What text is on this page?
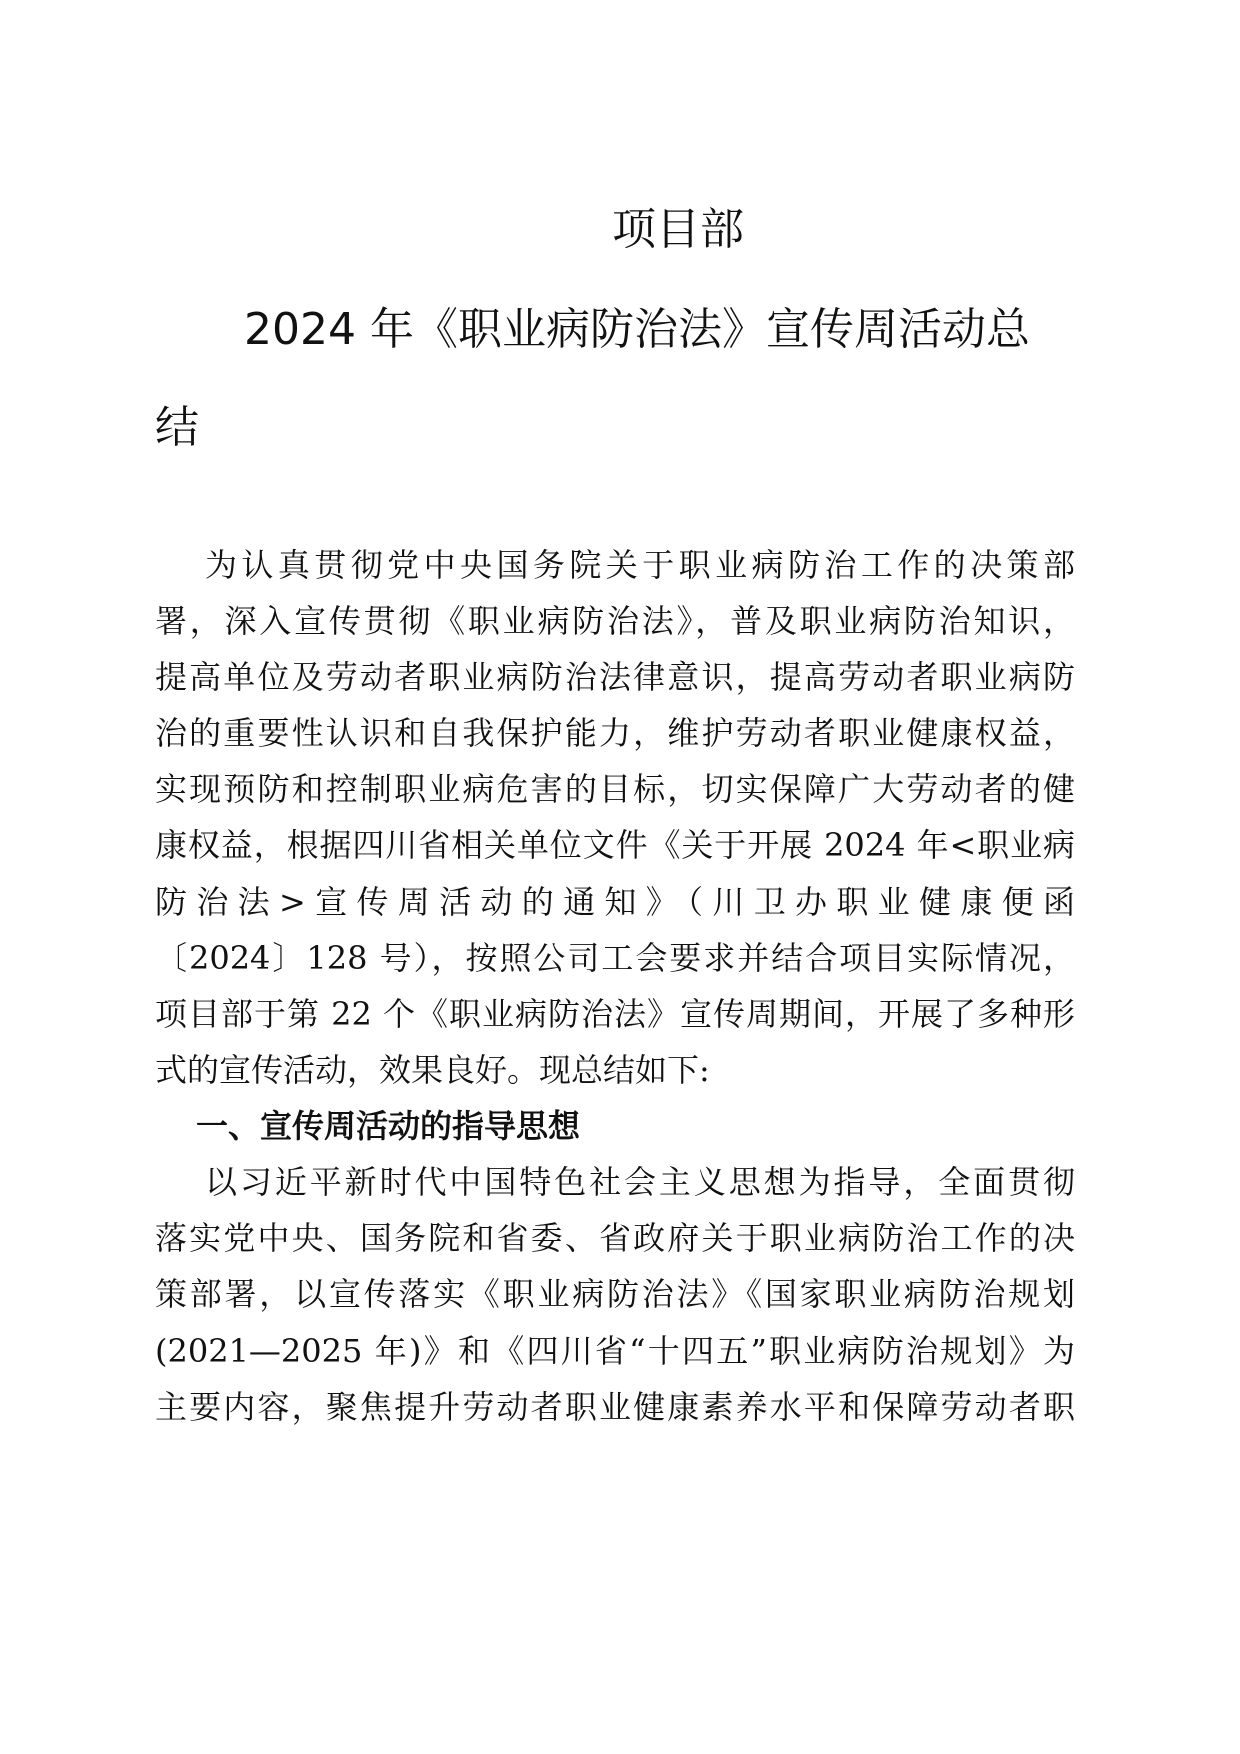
项目部
2024 年《职业病防治法》宣传周活动总
结
为认真贯彻党中央国务院关于职业病防治工作的决策部
署，深入宣传贯彻《职业病防治法》，普及职业病防治知识，
提高单位及劳动者职业病防治法律意识，提高劳动者职业病防
治的重要性认识和自我保护能力，维护劳动者职业健康权益，
实现预防和控制职业病危害的目标，切实保障广大劳动者的健
康权益，根据四川省相关单位文件《关于开展 2024 年<职业病
防治法>宣传周活动的通知》（川卫办职业健康便函
〔2024〕128 号），按照公司工会要求并结合项目实际情况，
项目部于第 22 个《职业病防治法》宣传周期间，开展了多种形
式的宣传活动，效果良好。现总结如下:
一、宣传周活动的指导思想
以习近平新时代中国特色社会主义思想为指导，全面贯彻
落实党中央、国务院和省委、省政府关于职业病防治工作的决
策部署，以宣传落实《职业病防治法》《国家职业病防治规划
(2021—2025 年)》和《四川省“十四五”职业病防治规划》为
主要内容，聚焦提升劳动者职业健康素养水平和保障劳动者职
